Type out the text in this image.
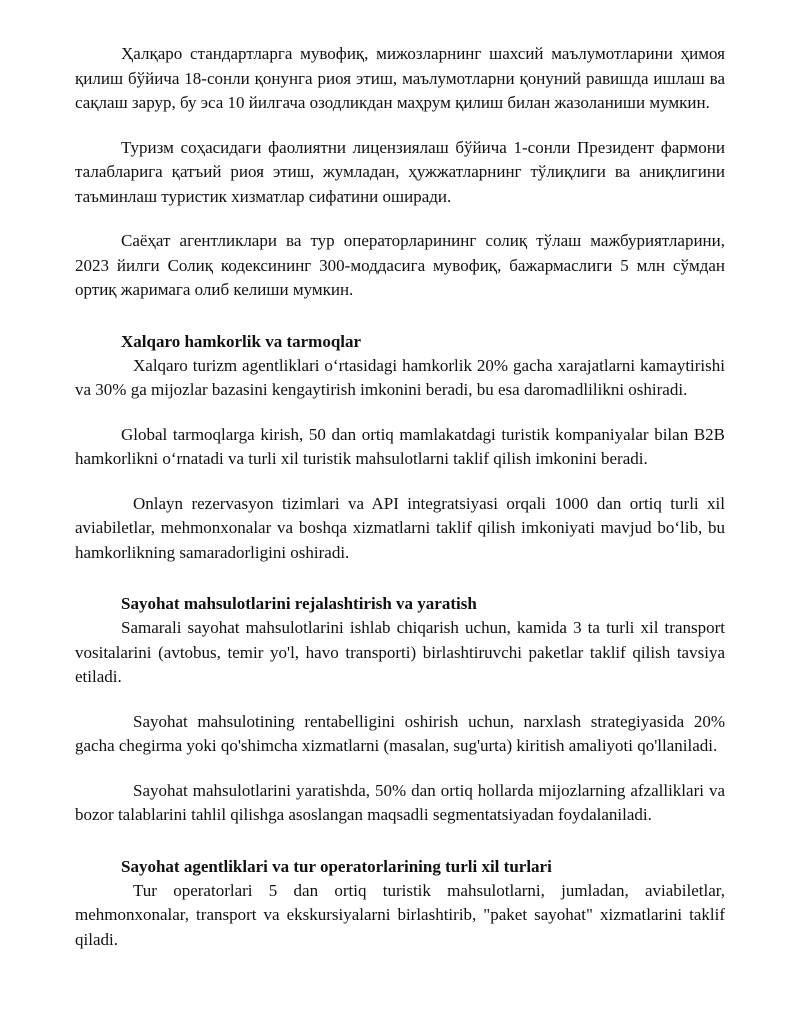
Ҳалқаро стандартларга мувофиқ, мижозларнинг шахсий маълумотларини ҳимоя қилиш бўйича 18-сонли қонунга риоя этиш, маълумотларни қонуний равишда ишлаш ва сақлаш зарур, бу эса 10 йилгача озодликдан маҳрум қилиш билан жазоланиши мумкин.

Туризм соҳасидаги фаолиятни лицензиялаш бўйича 1-сонли Президент фармони талабларига қатъий риоя этиш, жумладан, ҳужжатларнинг тўлиқлиги ва аниқлигини таъминлаш туристик хизматлар сифатини оширади.

Саёҳат агентликлари ва тур операторларининг солиқ тўлаш мажбуриятларини, 2023 йилги Солиқ кодексининг 300-моддасига мувофиқ, бажармаслиги 5 млн сўмдан ортиқ жаримага олиб келиши мумкин.

Xalqaro hamkorlik va tarmoqlar

Xalqaro turizm agentliklari oʻrtasidagi hamkorlik 20% gacha xarajatlarni kamaytirishi va 30% ga mijozlar bazasini kengaytirish imkonini beradi, bu esa daromadlilikni oshiradi.

Global tarmoqlarga kirish, 50 dan ortiq mamlakatdagi turistik kompaniyalar bilan B2B hamkorlikni oʻrnatadi va turli xil turistik mahsulotlarni taklif qilish imkonini beradi.

Onlayn rezervasyon tizimlari va API integratsiyasi orqali 1000 dan ortiq turli xil aviabiletlar, mehmonxonalar va boshqa xizmatlarni taklif qilish imkoniyati mavjud boʻlib, bu hamkorlikning samaradorligini oshiradi.

Sayohat mahsulotlarini rejalashtirish va yaratish

Samarali sayohat mahsulotlarini ishlab chiqarish uchun, kamida 3 ta turli xil transport vositalarini (avtobus, temir yo'l, havo transporti) birlashtiruvchi paketlar taklif qilish tavsiya etiladi.

Sayohat mahsulotining rentabelligini oshirish uchun, narxlash strategiyasida 20% gacha chegirma yoki qo'shimcha xizmatlarni (masalan, sug'urta) kiritish amaliyoti qo'llaniladi.

Sayohat mahsulotlarini yaratishda, 50% dan ortiq hollarda mijozlarning afzalliklari va bozor talablarini tahlil qilishga asoslangan maqsadli segmentatsiyadan foydalaniladi.

Sayohat agentliklari va tur operatorlarining turli xil turlari

Tur operatorlari 5 dan ortiq turistik mahsulotlarni, jumladan, aviabiletlar, mehmonxonalar, transport va ekskursiyalarni birlashtirib, "paket sayohat" xizmatlarini taklif qiladi.
